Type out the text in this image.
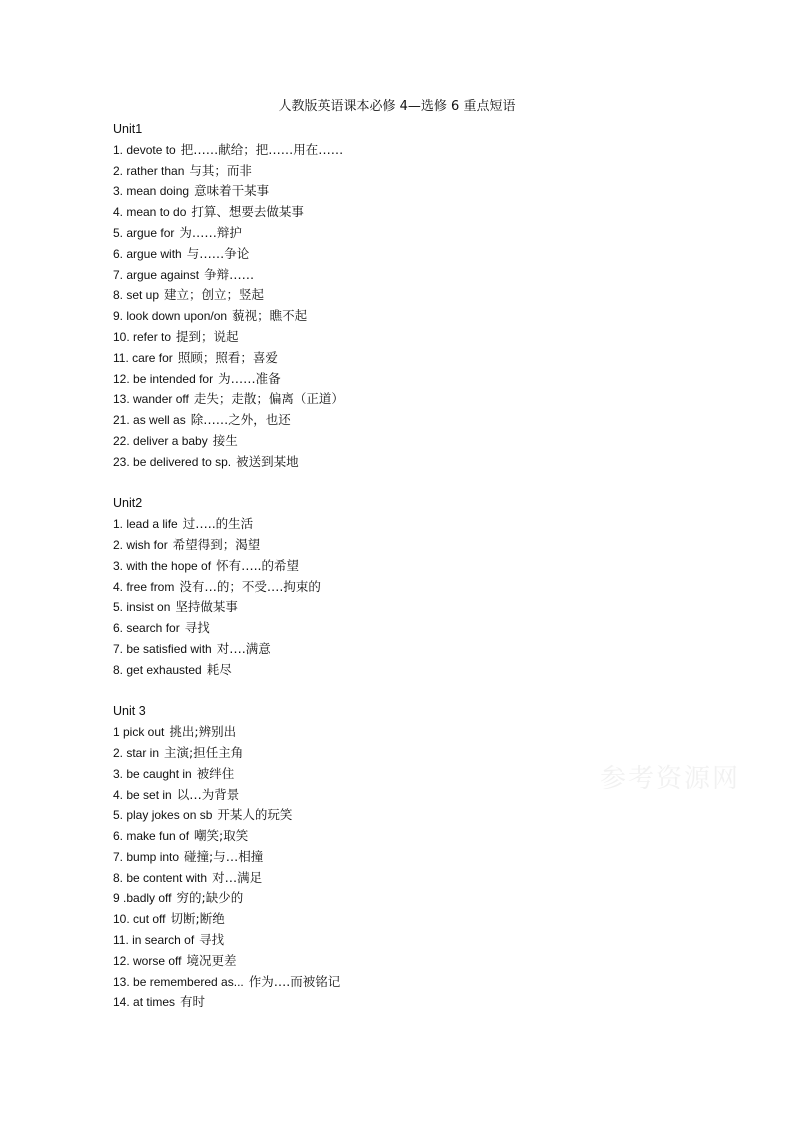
人教版英语课本必修 4—选修 6 重点短语
Unit1
1. devote to 把……献给；把……用在……
2. rather than 与其；而非
3. mean doing 意味着干某事
4. mean to do 打算、想要去做某事
5. argue for 为……辩护
6. argue with 与……争论
7. argue against 争辩……
8. set up 建立；创立；竖起
9. look down upon/on 藐视；瞧不起
10. refer to 提到；说起
11. care for 照顾；照看；喜爱
12. be intended for 为……准备
13. wander off 走失；走散；偏离（正道）
21. as well as 除……之外，也还
22. deliver a baby 接生
23. be delivered to sp. 被送到某地
Unit2
1. lead a life 过…..的生活
2. wish for 希望得到；渴望
3. with the hope of 怀有…..的希望
4. free from 没有…的；不受….拘束的
5. insist on 坚持做某事
6. search for 寻找
7. be satisfied with 对….满意
8. get exhausted 耗尽
Unit 3
1 pick out 挑出;辨别出
2. star in 主演;担任主角
3. be caught in 被绊住
4. be set in 以…为背景
5. play jokes on sb 开某人的玩笑
6. make fun of 嘲笑;取笑
7. bump into 碰撞;与…相撞
8. be content with 对…满足
9 .badly off 穷的;缺少的
10. cut off 切断;断绝
11. in search of 寻找
12. worse off 境况更差
13. be remembered as... 作为….而被铭记
14. at times 有时
参考资源网
